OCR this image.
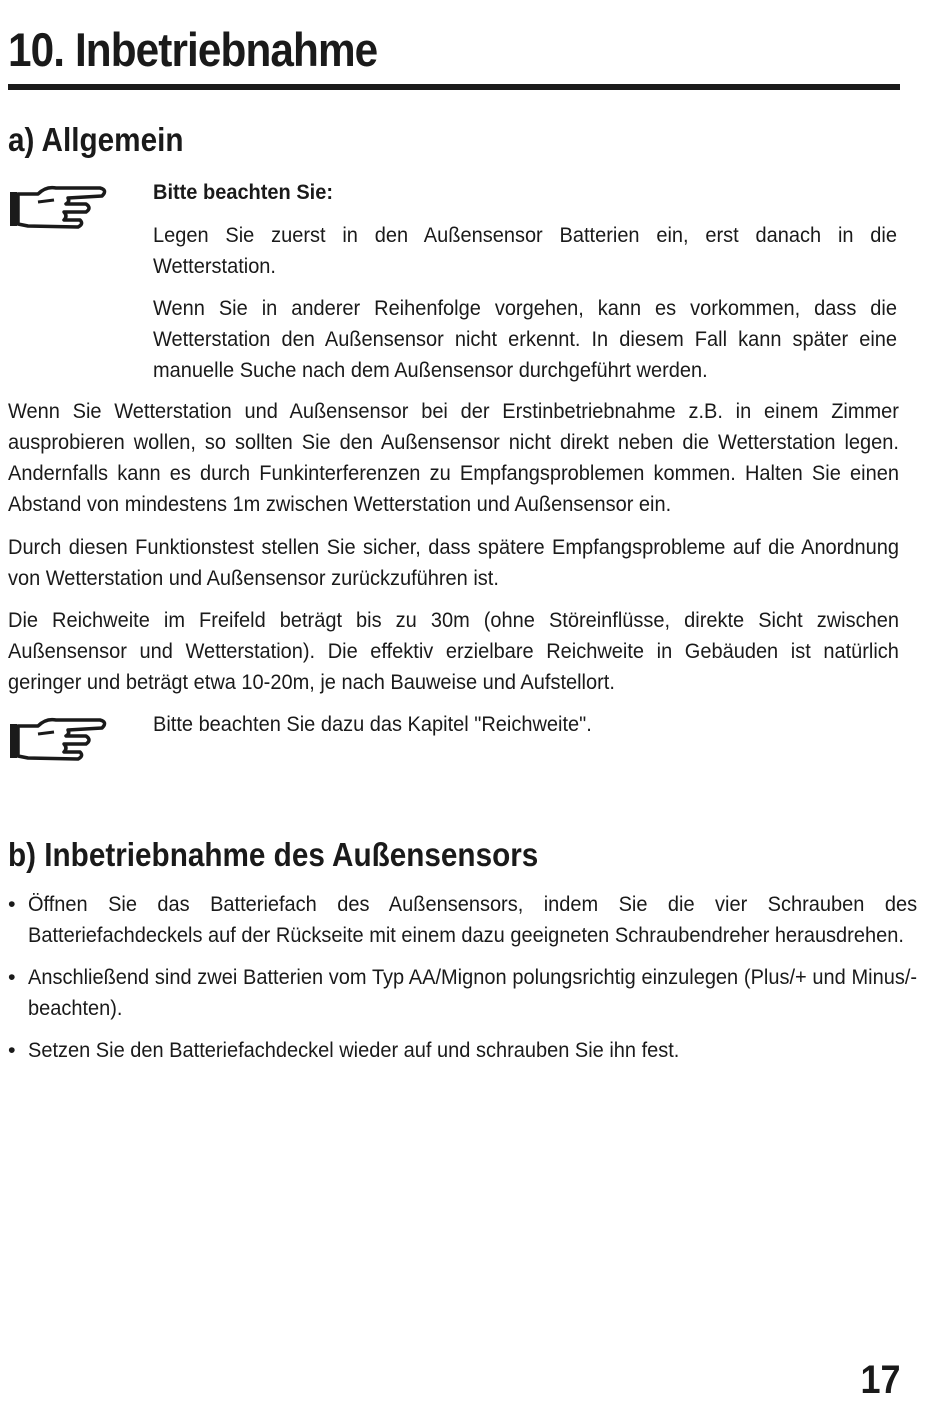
10. Inbetriebnahme
a) Allgemein

Bitte beachten Sie:

Legen Sie zuerst in den Außensensor Batterien ein, erst danach in die Wetterstation.

Wenn Sie in anderer Reihenfolge vorgehen, kann es vorkommen, dass die Wetterstation den Außensensor nicht erkennt. In diesem Fall kann später eine manuelle Suche nach dem Außensensor durchgeführt werden.

Wenn Sie Wetterstation und Außensensor bei der Erstinbetriebnahme z.B. in einem Zimmer ausprobieren wollen, so sollten Sie den Außensensor nicht direkt neben die Wetterstation legen. Andernfalls kann es durch Funkinterferenzen zu Empfangsproblemen kommen. Halten Sie einen Abstand von mindestens 1m zwischen Wetterstation und Außensensor ein.

Durch diesen Funktionstest stellen Sie sicher, dass spätere Empfangsprobleme auf die Anordnung von Wetterstation und Außensensor zurückzuführen ist.

Die Reichweite im Freifeld beträgt bis zu 30m (ohne Störeinflüsse, direkte Sicht zwischen Außensensor und Wetterstation). Die effektiv erzielbare Reichweite in Gebäuden ist natürlich geringer und beträgt etwa 10-20m, je nach Bauweise und Aufstellort.

Bitte beachten Sie dazu das Kapitel "Reichweite".

b) Inbetriebnahme des Außensensors
• Öffnen Sie das Batteriefach des Außensensors, indem Sie die vier Schrauben des Batteriefachdeckels auf der Rückseite mit einem dazu geeigneten Schraubendreher herausdrehen.

• Anschließend sind zwei Batterien vom Typ AA/Mignon polungsrichtig einzulegen (Plus/+ und Minus/- beachten).

• Setzen Sie den Batteriefachdeckel wieder auf und schrauben Sie ihn fest.

17
